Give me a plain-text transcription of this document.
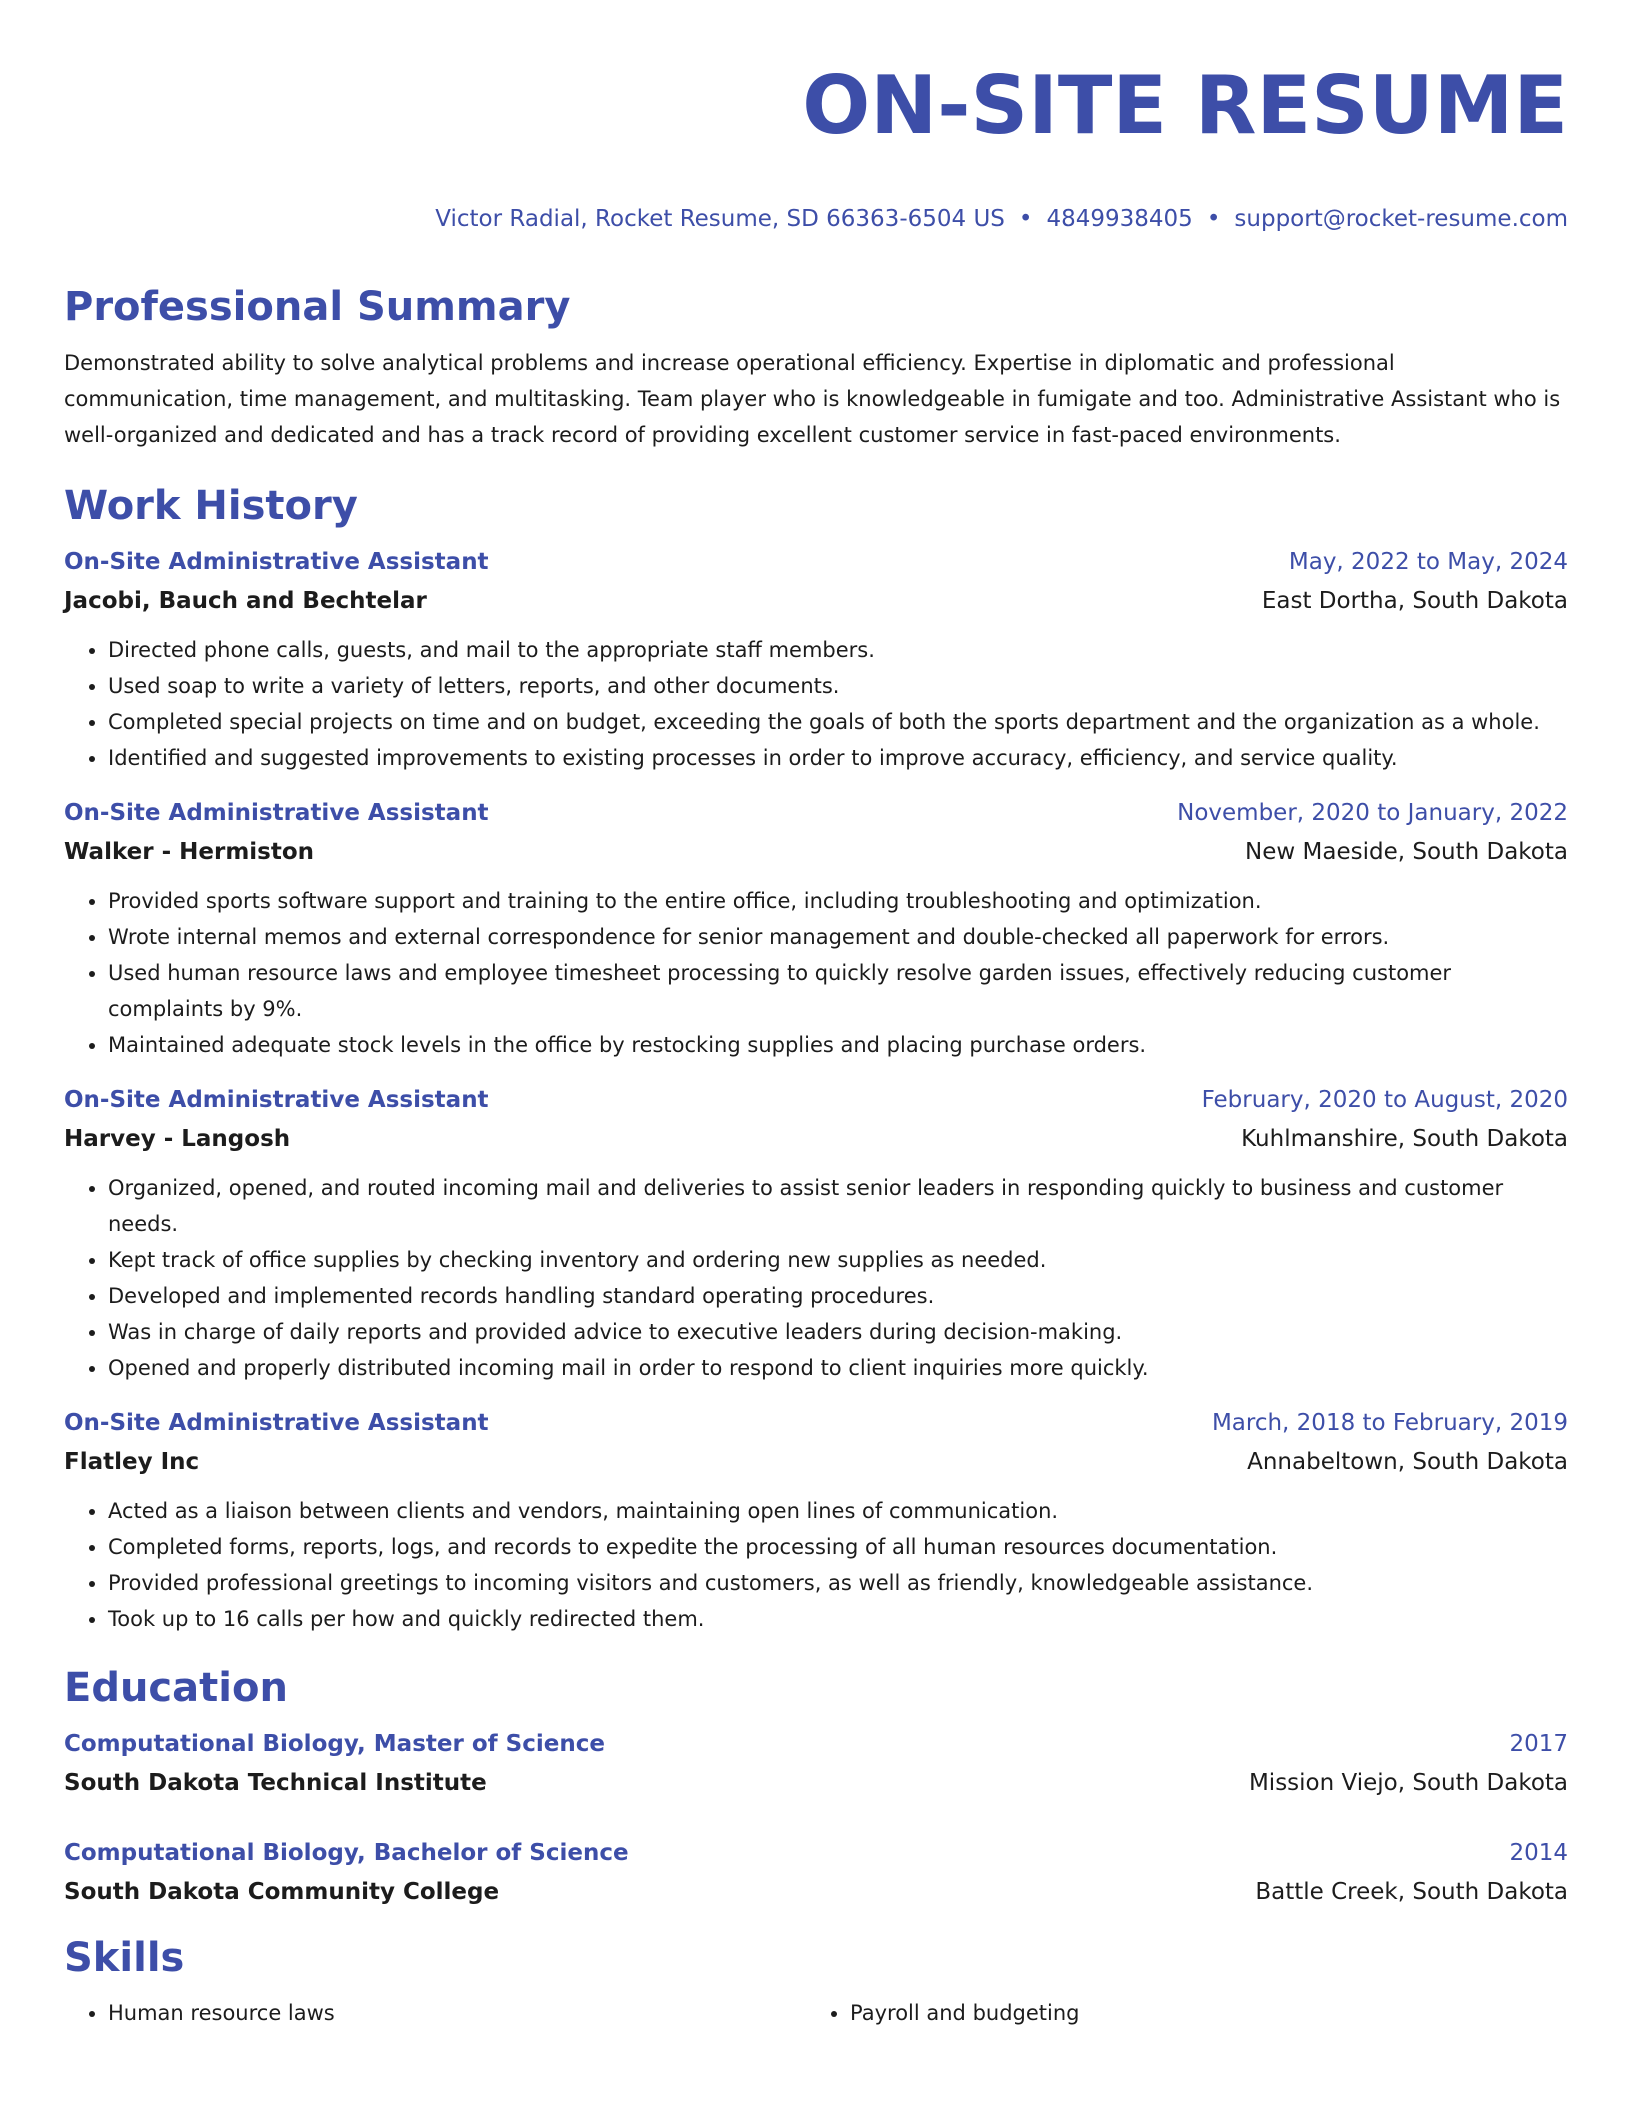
ON-SITE RESUME
Victor Radial, Rocket Resume, SD 66363-6504 US • 4849938405 • support@rocket-resume.com
Professional Summary

Demonstrated ability to solve analytical problems and increase operational efficiency. Expertise in diplomatic and professional communication, time management, and multitasking. Team player who is knowledgeable in fumigate and too. Administrative Assistant who is well-organized and dedicated and has a track record of providing excellent customer service in fast-paced environments.

Work History
On-Site Administrative Assistant	May, 2022 to May, 2024
Jacobi, Bauch and Bechtelar	East Dortha, South Dakota
• Directed phone calls, guests, and mail to the appropriate staff members.
• Used soap to write a variety of letters, reports, and other documents.
• Completed special projects on time and on budget, exceeding the goals of both the sports department and the organization as a whole.
• Identified and suggested improvements to existing processes in order to improve accuracy, efficiency, and service quality.
On-Site Administrative Assistant	November, 2020 to January, 2022
Walker - Hermiston	New Maeside, South Dakota
• Provided sports software support and training to the entire office, including troubleshooting and optimization.
• Wrote internal memos and external correspondence for senior management and double-checked all paperwork for errors.
• Used human resource laws and employee timesheet processing to quickly resolve garden issues, effectively reducing customer complaints by 9%.
• Maintained adequate stock levels in the office by restocking supplies and placing purchase orders.
On-Site Administrative Assistant	February, 2020 to August, 2020
Harvey - Langosh	Kuhlmanshire, South Dakota
• Organized, opened, and routed incoming mail and deliveries to assist senior leaders in responding quickly to business and customer needs.
• Kept track of office supplies by checking inventory and ordering new supplies as needed.
• Developed and implemented records handling standard operating procedures.
• Was in charge of daily reports and provided advice to executive leaders during decision-making.
• Opened and properly distributed incoming mail in order to respond to client inquiries more quickly.
On-Site Administrative Assistant	March, 2018 to February, 2019
Flatley Inc	Annabeltown, South Dakota
• Acted as a liaison between clients and vendors, maintaining open lines of communication.
• Completed forms, reports, logs, and records to expedite the processing of all human resources documentation.
• Provided professional greetings to incoming visitors and customers, as well as friendly, knowledgeable assistance.
• Took up to 16 calls per how and quickly redirected them.
Education
Computational Biology, Master of Science	2017
South Dakota Technical Institute	Mission Viejo, South Dakota
Computational Biology, Bachelor of Science	2014
South Dakota Community College	Battle Creek, South Dakota
Skills
• Human resource laws
•	Payroll and budgeting
